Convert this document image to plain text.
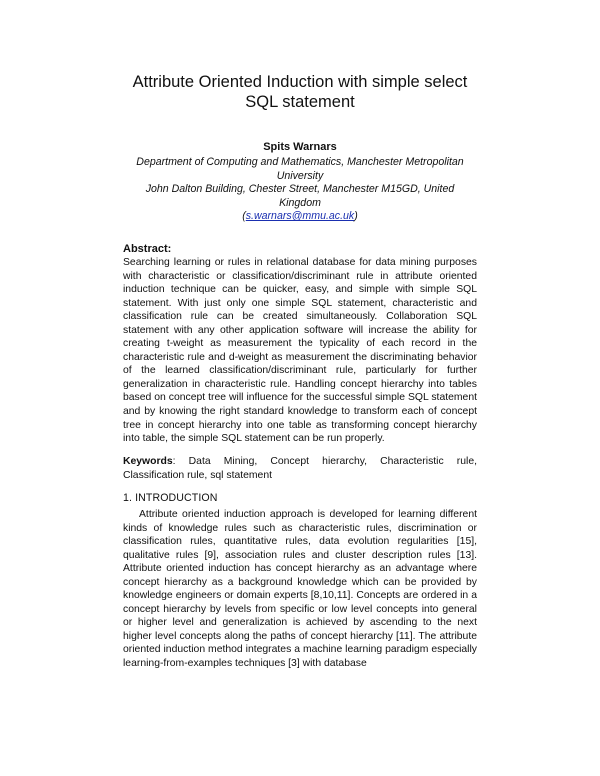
Attribute Oriented Induction with simple select
SQL statement
Spits Warnars
Department of Computing and Mathematics, Manchester Metropolitan
University
John Dalton Building, Chester Street, Manchester M15GD, United
Kingdom
(s.warnars@mmu.ac.uk)
Abstract:
Searching learning or rules in relational database for data mining purposes with characteristic or classification/discriminant rule in attribute oriented induction technique can be quicker, easy, and simple with simple SQL statement. With just only one simple SQL statement, characteristic and classification rule can be created simultaneously. Collaboration SQL statement with any other application software will increase the ability for creating t-weight as measurement the typicality of each record in the characteristic rule and d-weight as measurement the discriminating behavior of the learned classification/discriminant rule, particularly for further generalization in characteristic rule. Handling concept hierarchy into tables based on concept tree will influence for the successful simple SQL statement and by knowing the right standard knowledge to transform each of concept tree in concept hierarchy into one table as transforming concept hierarchy into table, the simple SQL statement can be run properly.
Keywords: Data Mining, Concept hierarchy, Characteristic rule, Classification rule, sql statement
1. INTRODUCTION
Attribute oriented induction approach is developed for learning different kinds of knowledge rules such as characteristic rules, discrimination or classification rules, quantitative rules, data evolution regularities [15], qualitative rules [9], association rules and cluster description rules [13]. Attribute oriented induction has concept hierarchy as an advantage where concept hierarchy as a background knowledge which can be provided by knowledge engineers or domain experts [8,10,11]. Concepts are ordered in a concept hierarchy by levels from specific or low level concepts into general or higher level and generalization is achieved by ascending to the next higher level concepts along the paths of concept hierarchy [11]. The attribute oriented induction method integrates a machine learning paradigm especially learning-from-examples techniques [3] with database
